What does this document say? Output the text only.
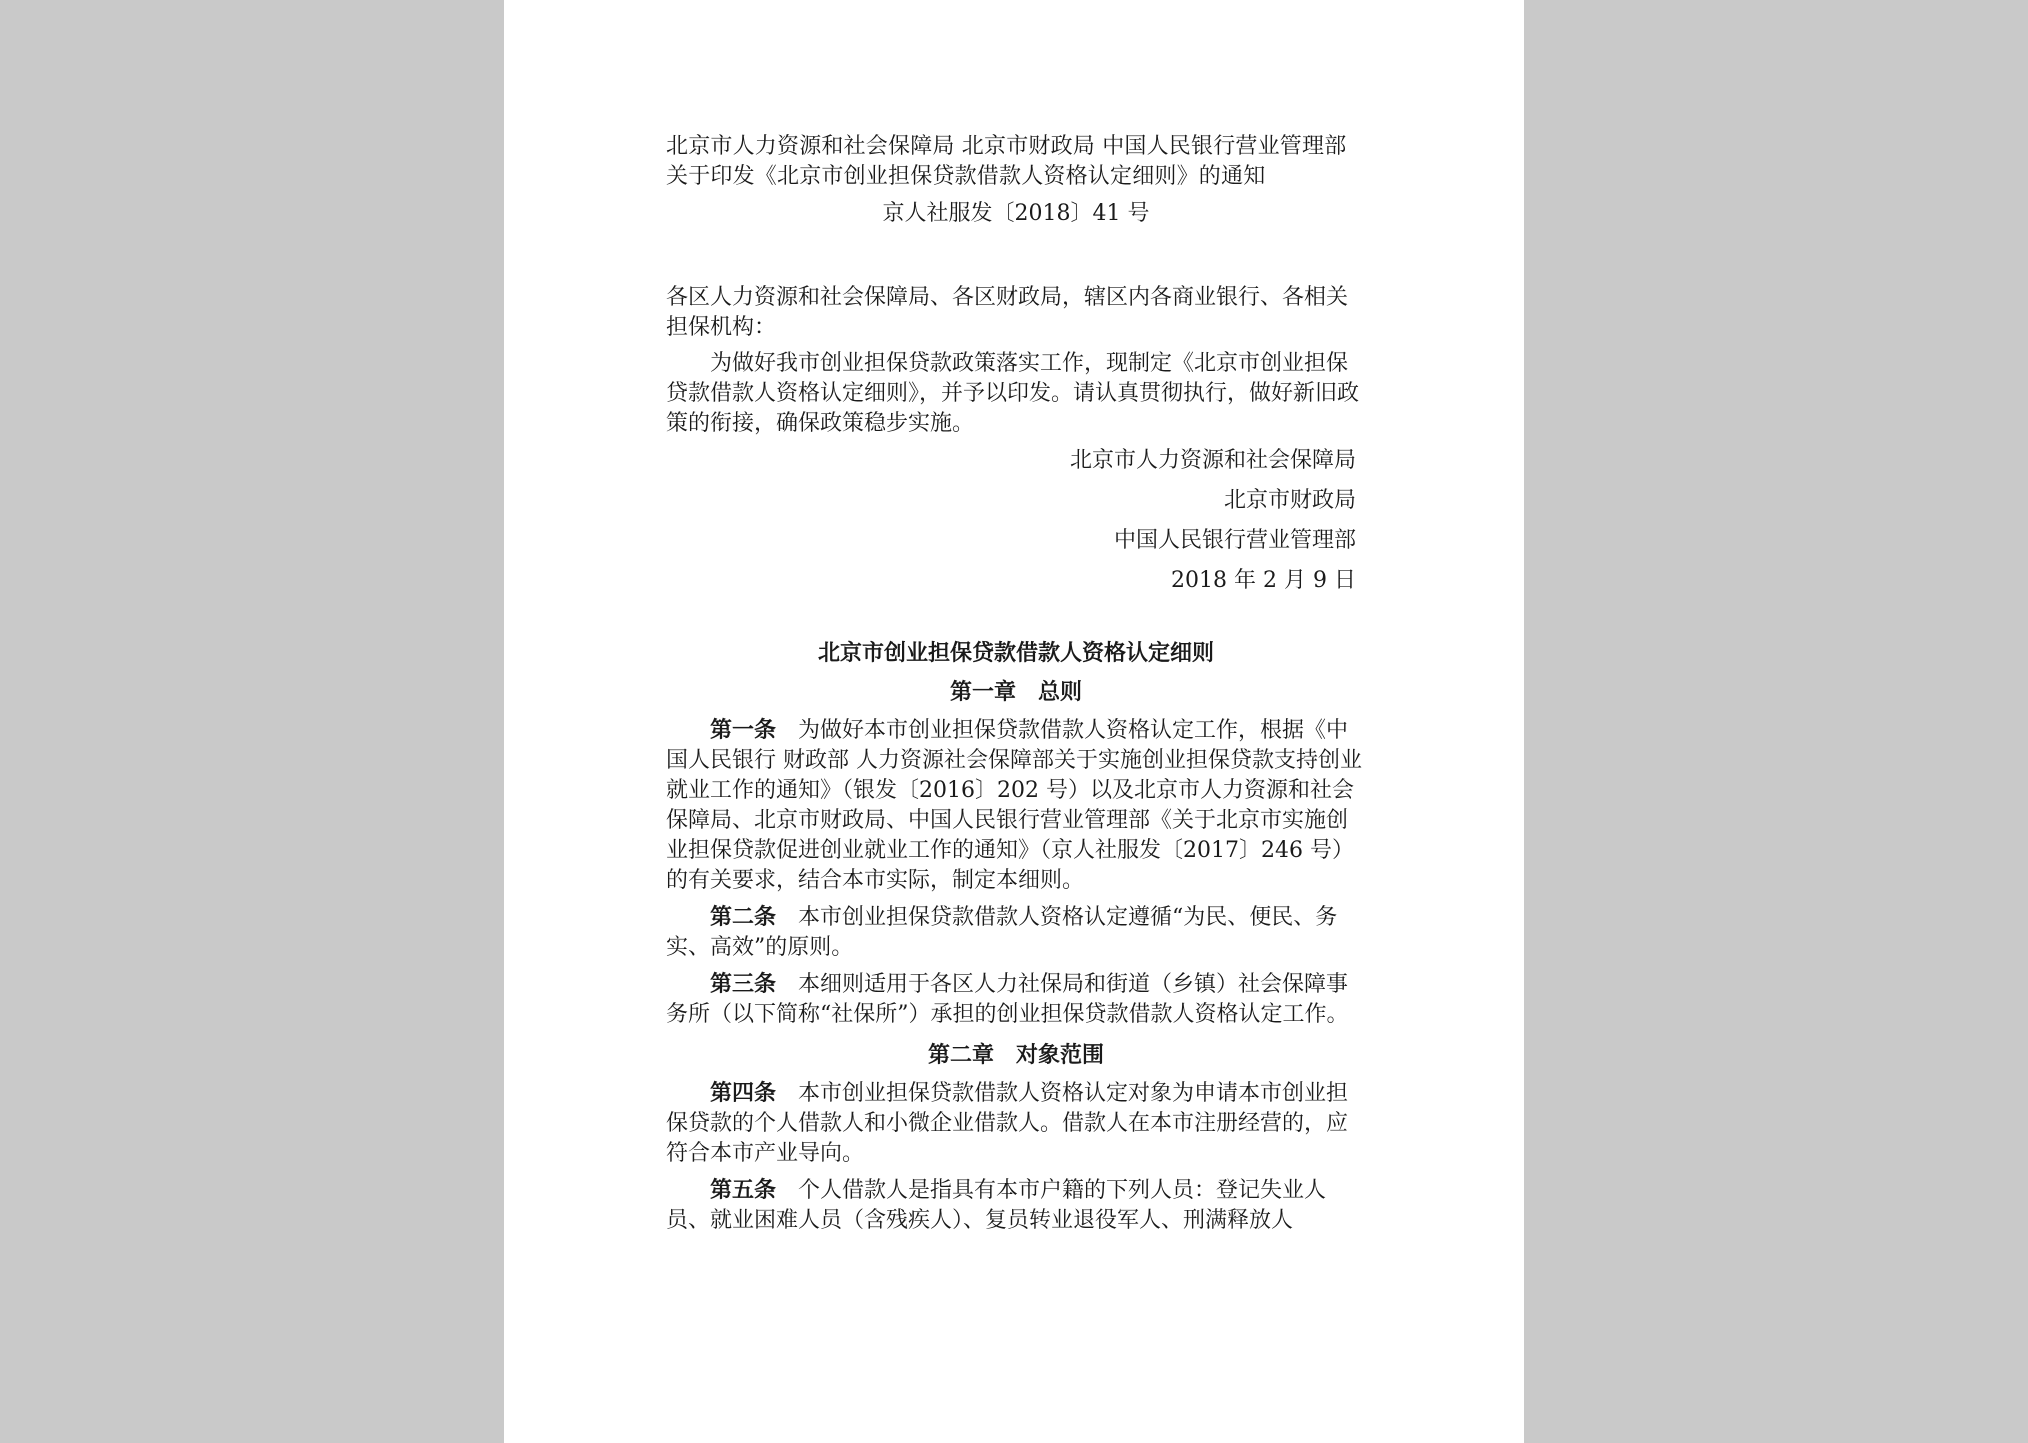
北京市人力资源和社会保障局 北京市财政局 中国人民银行营业管理部关于印发《北京市创业担保贷款借款人资格认定细则》的通知

京人社服发〔2018〕41 号

各区人力资源和社会保障局、各区财政局，辖区内各商业银行、各相关担保机构：

为做好我市创业担保贷款政策落实工作，现制定《北京市创业担保贷款借款人资格认定细则》，并予以印发。请认真贯彻执行，做好新旧政策的衔接，确保政策稳步实施。

北京市人力资源和社会保障局

北京市财政局

中国人民银行营业管理部

2018 年 2 月 9 日

北京市创业担保贷款借款人资格认定细则

第一章 总则

第一条 为做好本市创业担保贷款借款人资格认定工作，根据《中国人民银行 财政部 人力资源社会保障部关于实施创业担保贷款支持创业就业工作的通知》（银发〔2016〕202 号）以及北京市人力资源和社会保障局、北京市财政局、中国人民银行营业管理部《关于北京市实施创业担保贷款促进创业就业工作的通知》（京人社服发〔2017〕246 号）的有关要求，结合本市实际，制定本细则。

第二条 本市创业担保贷款借款人资格认定遵循“为民、便民、务实、高效”的原则。

第三条 本细则适用于各区人力社保局和街道（乡镇）社会保障事务所（以下简称“社保所”）承担的创业担保贷款借款人资格认定工作。

第二章 对象范围

第四条 本市创业担保贷款借款人资格认定对象为申请本市创业担保贷款的个人借款人和小微企业借款人。借款人在本市注册经营的，应符合本市产业导向。

第五条 个人借款人是指具有本市户籍的下列人员：登记失业人员、就业困难人员（含残疾人）、复员转业退役军人、刑满释放人
